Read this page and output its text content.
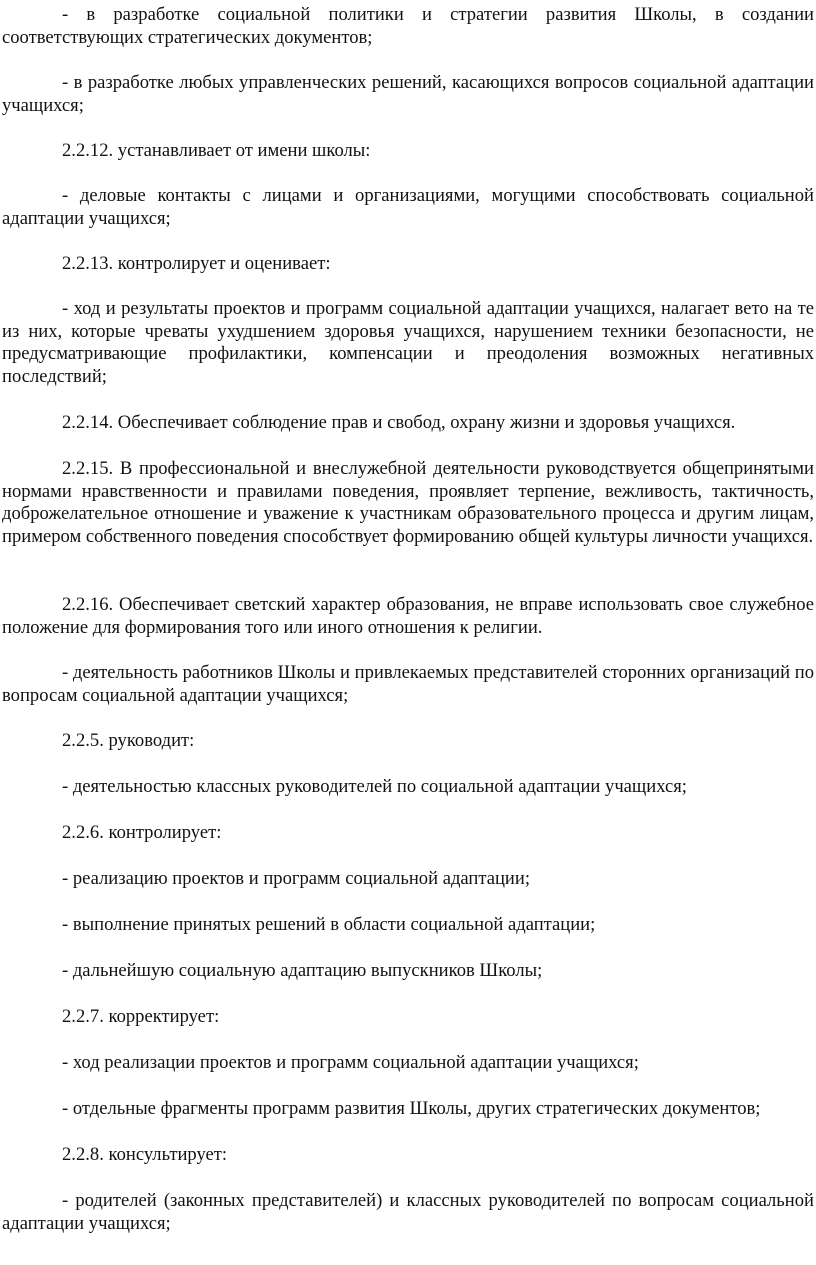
- в разработке социальной политики и стратегии развития Школы, в создании соответствующих стратегических документов;

- в разработке любых управленческих решений, касающихся вопросов социальной адаптации учащихся;

2.2.12. устанавливает от имени школы:

- деловые контакты с лицами и организациями, могущими способствовать социальной адаптации учащихся;

2.2.13. контролирует и оценивает:

- ход и результаты проектов и программ социальной адаптации учащихся, налагает вето на те из них, которые чреваты ухудшением здоровья учащихся, нарушением техники безопасности, не предусматривающие профилактики, компенсации и преодоления возможных негативных последствий;

2.2.14. Обеспечивает соблюдение прав и свобод, охрану жизни и здоровья учащихся.

2.2.15. В профессиональной и внеслужебной деятельности руководствуется общепринятыми нормами нравственности и правилами поведения, проявляет терпение, вежливость, тактичность, доброжелательное отношение и уважение к участникам образовательного процесса и другим лицам, примером собственного поведения способствует формированию общей культуры личности учащихся.

2.2.16. Обеспечивает светский характер образования, не вправе использовать свое служебное положение для формирования того или иного отношения к религии.

- деятельность работников Школы и привлекаемых представителей сторонних организаций по вопросам социальной адаптации учащихся;

2.2.5. руководит:

- деятельностью классных руководителей по социальной адаптации учащихся;

2.2.6. контролирует:

- реализацию проектов и программ социальной адаптации;

- выполнение принятых решений в области социальной адаптации;

- дальнейшую социальную адаптацию выпускников Школы;

2.2.7. корректирует:

- ход реализации проектов и программ социальной адаптации учащихся;

- отдельные фрагменты программ развития Школы, других стратегических документов;

2.2.8. консультирует:

- родителей (законных представителей) и классных руководителей по вопросам социальной адаптации учащихся;
